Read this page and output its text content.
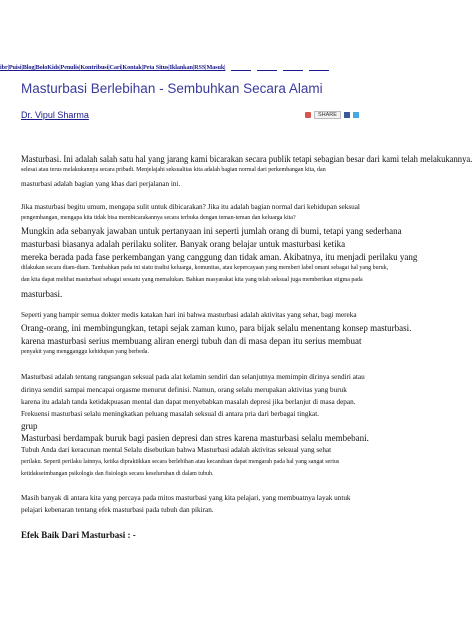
ibr|Puisi|Blog|BoloKids|Penulis|Kontribusi|Cari|Kontak|Peta Situs|Iklankan|RSS|Masuk|
Masturbasi Berlebihan - Sembuhkan Secara Alami
Dr. Vipul Sharma	SHARE
Masturbasi. Ini adalah salah satu hal yang jarang kami bicarakan secara publik tetapi sebagian besar dari kami telah melakukannya.
selesai atau terus melakukannya secara pribadi. Menjelajahi seksualitas kita adalah bagian normal dari perkembangan kita, dan
masturbasi adalah bagian yang khas dari perjalanan ini.
Jika masturbasi begitu umum, mengapa sulit untuk dibicarakan? Jika itu adalah bagian normal dari kehidupan seksual
pengembangan, mengapa kita tidak bisa membicarakannya secara terbuka dengan teman-teman dan keluarga kita?
Mungkin ada sebanyak jawaban untuk pertanyaan ini seperti jumlah orang di bumi, tetapi yang sederhana
masturbasi biasanya adalah perilaku soliter. Banyak orang belajar untuk masturbasi ketika
mereka berada pada fase perkembangan yang canggung dan tidak aman. Akibatnya, itu menjadi perilaku yang
dilakukan secara diam-diam. Tambahkan pada ini siatu tradisi keluarga, komunitas, atau kepercayaan yang memberi label omani sebagai hal yang buruk,
dan kita dapat melihat masturbasi sebagai sesuatu yang memalukan. Bahkan masyarakat kita yang telah seksual juga memberikan stigma pada
masturbasi.
Seperti yang hampir semua dokter medis katakan hari ini bahwa masturbasi adalah aktivitas yang sehat, bagi mereka
Orang-orang, ini membingungkan, tetapi sejak zaman kuno, para bijak selalu menentang konsep masturbasi.
karena masturbasi serius membuang aliran energi tubuh dan di masa depan itu serius membuat
penyakit yang mengganggu kehidupan yang berbeda.
Masturbasi adalah tentang rangsangan seksual pada alat kelamin sendiri dan selanjutnya memimpin dirinya sendiri atau
dirinya sendiri sampai mencapai orgasme menurut definisi. Namun, orang selalu merupakan aktivitas yang buruk
karena itu adalah tanda ketidakpuasan mental dan dapat menyebabkan masalah depresi jika berlanjut di masa depan.
Frekuensi masturbasi selalu meningkatkan peluang masalah seksual di antara pria dari berbagai tingkat.
grup
Masturbasi berdampak buruk bagi pasien depresi dan stres karena masturbasi selalu membebani.
Tubuh Anda dari keracunan mental Selalu disebutkan bahwa Masturbasi adalah aktivitas seksual yang sehat
perilaku. Seperti perilaku lainnya, ketika dipraktikkan secara berlebihan atau kecanduan dapat mengarah pada hal yang sangat serius
ketidakseimbangan psikologis dan fisiologis secara keseluruhan di dalam tubuh.
Masih banyak di antara kita yang percaya pada mitos masturbasi yang kita pelajari, yang membuatnya layak untuk
pelajari kebenaran tentang efek masturbasi pada tubuh dan pikiran.
Efek Baik Dari Masturbasi : -
